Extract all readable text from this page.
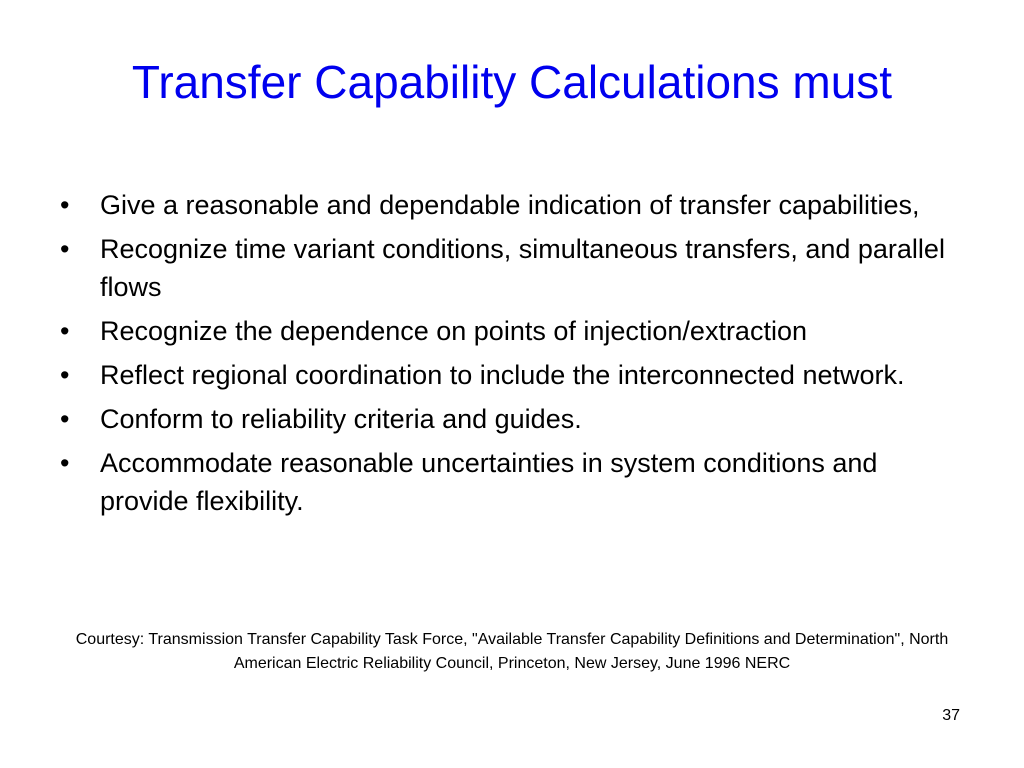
Transfer Capability Calculations must
•	Give a reasonable and dependable indication of transfer capabilities,
•	Recognize time variant conditions, simultaneous transfers, and parallel flows
•	Recognize the dependence on points of injection/extraction
•	Reflect regional coordination to include the interconnected network.
•	Conform to reliability criteria and guides.
•	Accommodate reasonable uncertainties in system conditions and provide flexibility.

Courtesy: Transmission Transfer Capability Task Force, "Available Transfer Capability Definitions and Determination", North American Electric Reliability Council, Princeton, New Jersey, June 1996 NERC

37
